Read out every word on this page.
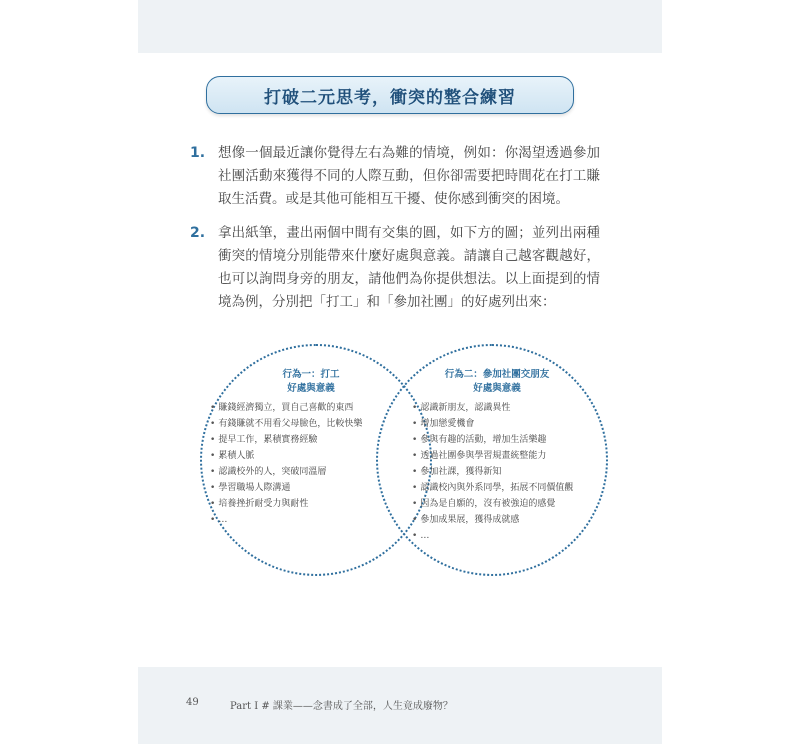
打破二元思考，衝突的整合練習
1. 想像一個最近讓你覺得左右為難的情境，例如：你渴望透過參加社團活動來獲得不同的人際互動，但你卻需要把時間花在打工賺取生活費。或是其他可能相互干擾、使你感到衝突的困境。
2. 拿出紙筆，畫出兩個中間有交集的圓，如下方的圖；並列出兩種衝突的情境分別能帶來什麼好處與意義。請讓自己越客觀越好，也可以詢問身旁的朋友，請他們為你提供想法。以上面提到的情境為例，分別把「打工」和「參加社團」的好處列出來：
行為一：打工
好處與意義
• 賺錢經濟獨立，買自己喜歡的東西
• 有錢賺就不用看父母臉色，比較快樂
• 提早工作，累積實務經驗
• 累積人脈
• 認識校外的人，突破同溫層
• 學習職場人際溝通
• 培養挫折耐受力與耐性
• …
行為二：參加社團交朋友
好處與意義
• 認識新朋友，認識異性
• 增加戀愛機會
• 參與有趣的活動，增加生活樂趣
• 透過社團參與學習規畫統整能力
• 參加社課，獲得新知
• 認識校內與外系同學，拓展不同價值觀
• 因為是自願的，沒有被強迫的感覺
• 參加成果展，獲得成就感
• …
49	Part I # 課業——念書成了全部，人生竟成廢物？
